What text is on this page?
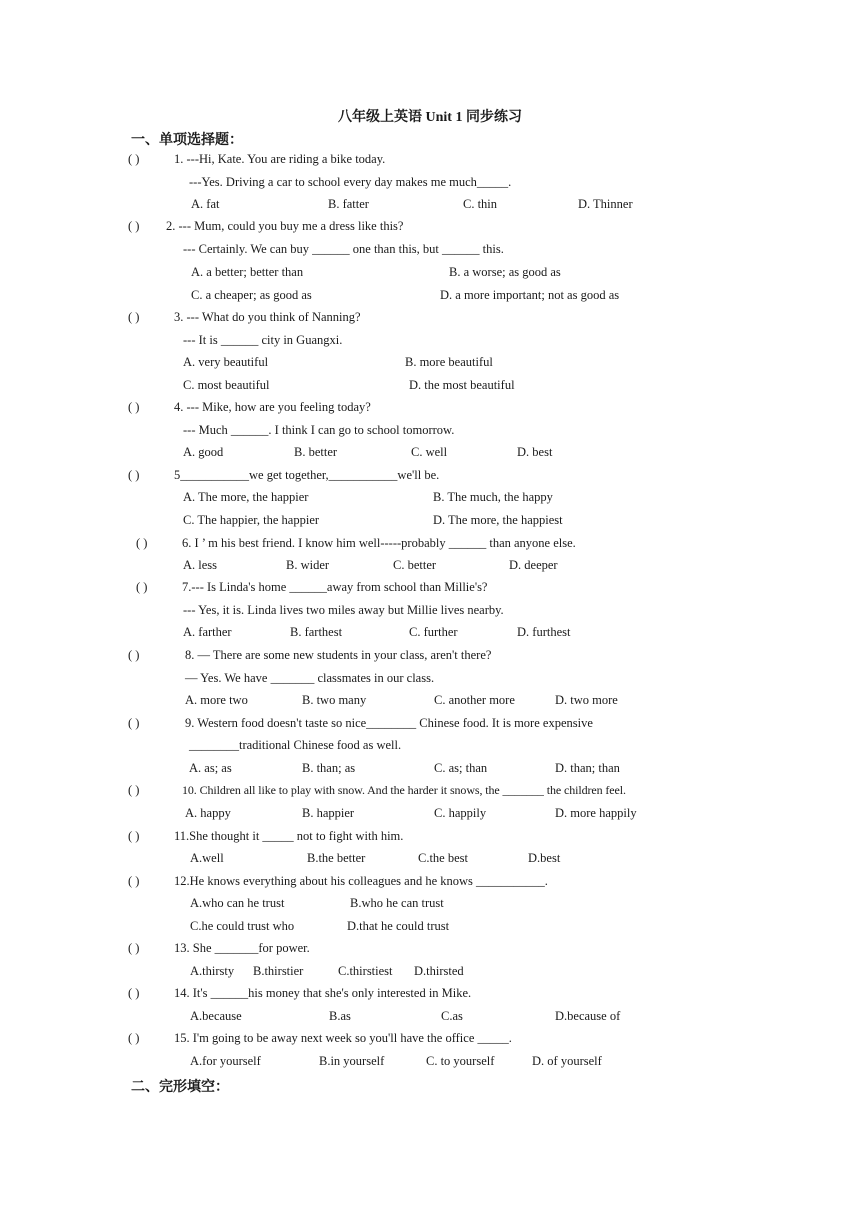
八年级上英语 Unit 1 同步练习
一、单项选择题：
( )	1. ---Hi, Kate. You are riding a bike today.
---Yes. Driving a car to school every day makes me much_____.
A. fat	B. fatter	C. thin	D. Thinner
( ) 2. --- Mum, could you buy me a dress like this?
--- Certainly. We can buy ______ one than this, but ______ this.
A. a better; better than	B. a worse; as good as
C. a cheaper; as good as	D. a more important; not as good as
( )	3. --- What do you think of Nanning?
--- It is ______ city in Guangxi.
A. very beautiful	B. more beautiful
C. most beautiful	D. the most beautiful
( )	4. --- Mike, how are you feeling today?
--- Much ______. I think I can go to school tomorrow.
A. good	B. better	C. well	D. best
( )	5___________we get together,___________we'll be.
A. The more, the happier	B. The much, the happy
C. The happier, the happier	D. The more, the happiest
( )	6. I ’ m his best friend. I know him well-----probably ______ than anyone else.
A. less	B. wider	C. better	D. deeper
( )	7.--- Is Linda's home ______away from school than Millie's?
--- Yes, it is. Linda lives two miles away but Millie lives nearby.
A. farther	B. farthest	C. further	D. furthest
( )	8. — There are some new students in your class, aren't there?
— Yes. We have _______ classmates in our class.
A. more two	B. two many	C. another more	D. two more
( )	9. Western food doesn't taste so nice________ Chinese food. It is more expensive
________traditional Chinese food as well.
A. as; as	B. than; as	C. as; than	D. than; than
( )	10. Children all like to play with snow. And the harder it snows, the _______ the children feel.
A. happy	B. happier	C. happily	D. more happily
( )	11.She thought it _____ not to fight with him.
A.well	B.the better	C.the best	D.best
( )	12.He knows everything about his colleagues and he knows ___________.
A.who can he trust	B.who he can trust
C.he could trust who	D.that he could trust
( )	13. She _______for power.
A.thirsty B.thirstier	C.thirstiest D.thirsted
( )	14. It's ______his money that she's only interested in Mike.
A.because	B.as	C.as	D.because of
( )	15. I'm going to be away next week so you'll have the office _____.
A.for yourself	B.in yourself	C. to yourself	D. of yourself
二、完形填空：
